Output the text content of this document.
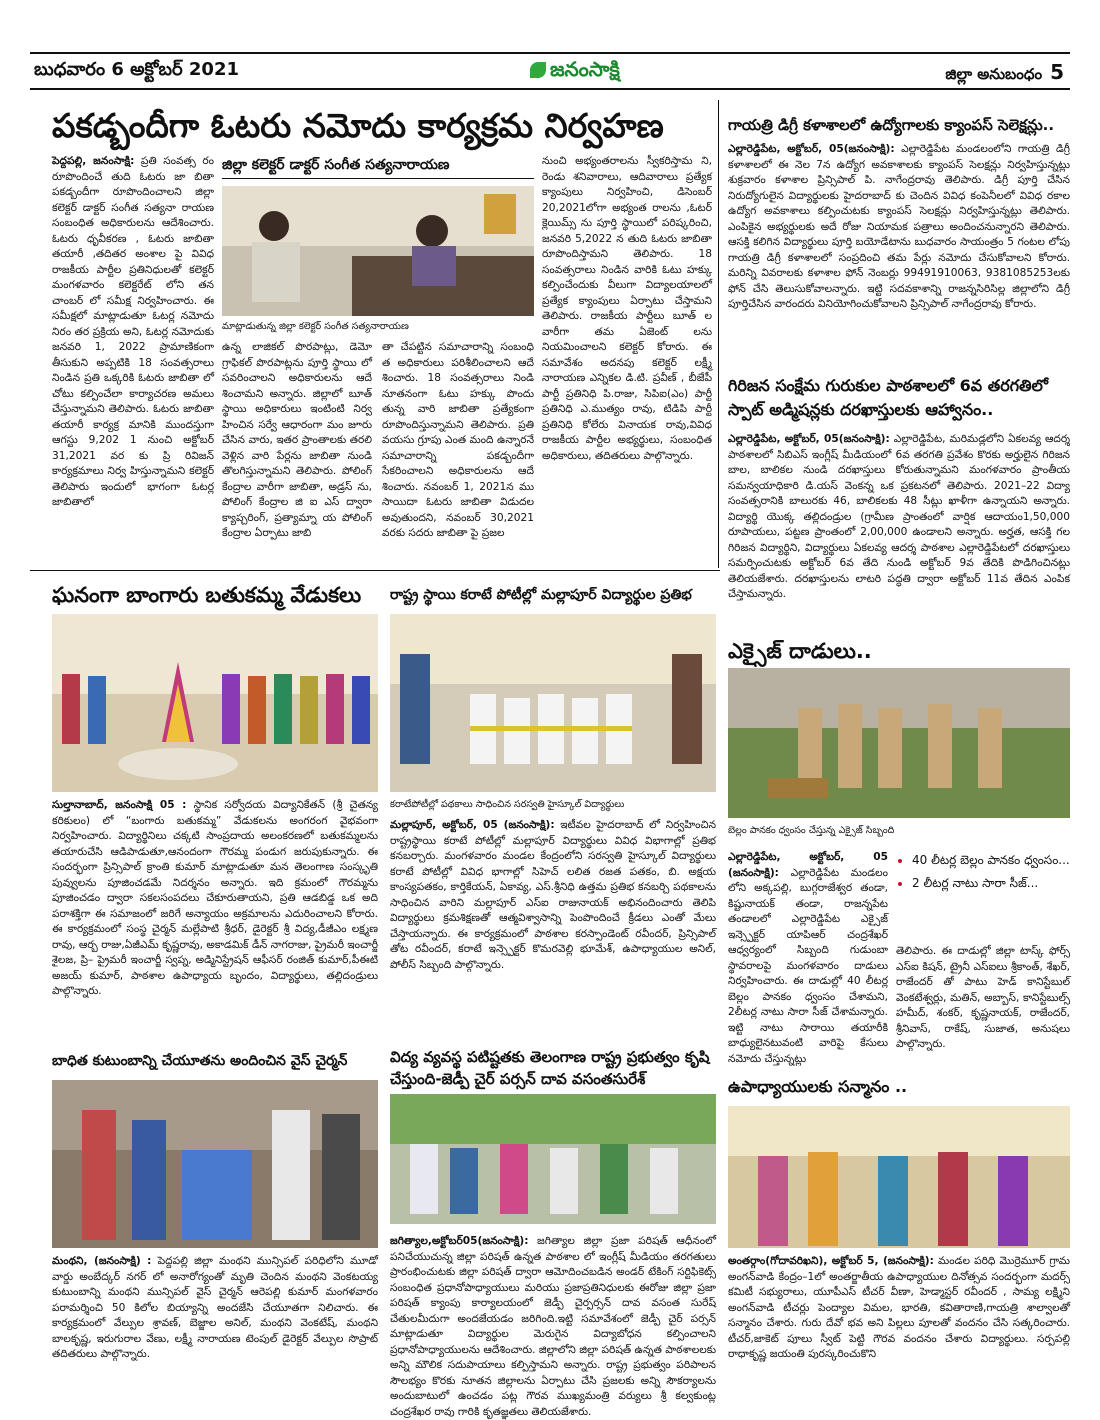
బుధవారం 6 అక్టోబర్ 2021	జనంసాక్షి	జిల్లా అనుబంధం 5
పకడ్బందీగా ఓటరు నమోదు కార్యక్రమ నిర్వహణ
పెద్దపల్లి, జనంసాక్షి: ప్రతి సంవత్స రం రూపొందించే తుది ఓటరు జా బితా పకడ్బందీగా రూపొందించాలని జిల్లా కలెక్టర్ డాక్టర్ సంగీత సత్యనా రాయణ సంబంధిత అధికారులను ఆదేశించారు. ఓటరు ధృవీకరణ , ఓటరు జాబితా తయారీ ,తదితర అంశాల పై వివిధ రాజకీయ పార్టీల ప్రతినిధులతో కలెక్టర్ మంగళవారం కలెక్టరేట్ లోని తన చాంబర్ లో సమీక్ష నిర్వహించారు. ఈ సమీక్షలో మాట్లాడుతూ ఓటర్ల నమోదు నిరం తర ప్రక్రియ అని, ఓటర్ల నమోదుకు జనవరి 1, 2022 ప్రామాణికంగా తీసుకుని అప్పటికి 18 సంవత్సరాలు నిండిన ప్రతి ఒక్కరికి ఓటరు జాబితా లో చోటు కల్పించేలా కార్యాచరణ అమలు చేస్తున్నామని తెలిపారు. ఓటరు జాబితా తయారీ కార్యక్ర మానికి ముందస్తుగా ఆగస్టు 9,202 1 నుంచి అక్టోబర్ 31,2021 వర కు ప్రి రివిజన్ కార్యక్రమాలు నిర్వ హిస్తున్నామని కలెక్టర్ తెలిపారు ఇందులో భాగంగా ఓటర్ల జాబితాలో
జిల్లా కలెక్టర్ డాక్టర్ సంగీత సత్యనారాయణ
మాట్లాడుతున్న జిల్లా కలెక్టర్ సంగీత సత్యనారాయణ
ఉన్న లాజికల్ పొరపాట్లు, డెమో గ్రాఫికల్ పొరపాట్లను పూర్తి స్థాయి లో సవరించాలని అధికారులను ఆదే శించామని అన్నారు. జిల్లాలో బూత్ స్థాయి అధికారులు ఇంటింటి నిర్వ హించిన సర్వే ఆధారంగా మం జూరు చేసిన వారు, ఇతర ప్రాంతాలకు తరలి వెళ్లిన వారి పేర్లను జాబితా నుండి తొలగిస్తున్నామని తెలిపారు. పోలింగ్ కేంద్రాల వారీగా జాబితా, అడ్రస్ ను, పోలింగ్ కేంద్రాల జి ఐ ఎస్ ద్వారా క్యాప్చరింగ్, ప్రత్యామ్నా య పోలింగ్ కేంద్రాల ఏర్పాటు జాబి
తా చేపట్టిన సమాచారాన్ని సంబంధి త అధికారులు పరిశీలించాలని ఆదే శించారు. 18 సంవత్సరాలు నిండి నూతనంగా ఓటు హక్కు పొందు తున్న వారి జాబితా ప్రత్యేకంగా రూపొందిస్తున్నామని తెలిపారు. ప్రతి వయసు గ్రూపు ఎంత మంది ఉన్నారనే సమాచారాన్ని పకడ్బందీగా సేకరించాలని అధికారులను ఆదే శించారు. నవంబర్ 1, 2021న ము సాయిదా ఓటరు జాబితా విడుదల అవుతుందని, నవంబర్ 30,2021 వరకు సదరు జాబితా పై ప్రజల
నుంచి అభ్యంతరాలను స్వీకరిస్తామ ని, రెండు శనివారాలు, ఆదివారాలు ప్రత్యేక క్యాంపులు నిర్వహించి, డిసెంబర్ 20,2021లోగా అభ్యంత రాలను ,ఓటర్ క్లెయిమ్స్ ను పూర్తి స్థాయిలో పరిష్కరించి, జనవరి 5,2022 న తుది ఓటరు జాబితా రూపొందిస్తామని తెలిపారు. 18 సంవత్సరాలు నిండిన వారికి ఓటు హక్కు కల్పించేందుకు వీలుగా విద్యాలయాలలో ప్రత్యేక క్యాంపులు ఏర్పాటు చేస్తామని తెలిపారు. రాజకీయ పార్టీలు బూత్ ల వారీగా తమ ఏజెంట్ లను నియమించాలని కలెక్టర్ కోరారు. ఈ సమావేశం అదనపు కలెక్టర్ లక్ష్మీ నారాయణ ఎన్నికల డి.టి. ప్రవీణ్ , బీజేపీ పార్టీ ప్రతినిధి పి.రాజు, సిపిఐ(ఎం) పార్టీ ప్రతినిధి ఎ.ముత్యం రావు, టిడిపి పార్టీ ప్రతినిధి కోలేరు వినాయక రావు,వివిధ రాజకీయ పార్టీల అభ్యర్థులు, సంబంధిత అధికారులు, తదితరులు పాల్గొన్నారు.
గాయత్రి డిగ్రీ కళాశాలలో ఉద్యోగాలకు క్యాంపస్ సెలెక్షన్లు..
ఎల్లారెడ్డిపేట, అక్టోబర్, 05(జనంసాక్షి): ఎల్లారెడ్డిపేట మండలంలోని గాయత్రి డిగ్రీ కళాశాలలో ఈ నెల 7న ఉద్యోగ అవకాశాలకు క్యాంపస్ సెలక్షన్లు నిర్వహిస్తున్నట్లు శుక్రవారం కళాశాల ప్రిన్సిపాల్ పి. నాగేంద్రరావు తెలిపారు. డిగ్రీ పూర్తి చేసిన నిరుద్యోగులైన విద్యార్థులకు హైదరాబాద్ కు చెందిన వివిధ కంపెనీలలో వివిధ రకాల ఉద్యోగ అవకాశాలు కల్పించుటకు క్యాంపస్ సెలక్షన్లు నిర్వహిస్తున్నట్లు తెలిపారు. ఎంపికైన అభ్యర్థులకు అదే రోజు నియామక పత్రాలు అందించనున్నారని తెలిపారు. ఆసక్తి కలిగిన విద్యార్థులు పూర్తి బయోడేటాను బుధవారం సాయంత్రం 5 గంటల లోపు గాయత్రి డిగ్రీ కళాశాలలో సంప్రదించి తమ పేర్లు నమోదు చేసుకోవాలని కోరారు. మరిన్ని వివరాలకు కళాశాల ఫోన్ నెంబర్లు 99491910063, 9381085253లకు ఫోన్ చేసి తెలుసుకోవాలన్నారు. ఇట్టి సదవకాశాన్ని రాజన్నసిరిసిల్ల జిల్లాలోని డిగ్రీ పూర్తిచేసిన వారందరు వినియోగించుకోవాలని ప్రిన్సిపాల్ నాగేంద్రరావు కోరారు.
గిరిజన సంక్షేమ గురుకుల పాఠశాలలో 6వ తరగతిలో స్పాట్ అడ్మిషన్లకు దరఖాస్తులకు ఆహ్వానం..
ఎల్లారెడ్డిపేట, అక్టోబర్, 05(జనంసాక్షి): ఎల్లారెడ్డిపేట, మరిమడ్లలోని ఏకలవ్య ఆదర్శ పాఠశాలలో సిబిఎస్ ఇంగ్లీష్ మీడియంలో 6వ తరగతి ప్రవేశం కొరకు అర్హులైన గిరిజన బాల, బాలికల నుండి దరఖాస్తులు కోరుతున్నామని మంగళవారం ప్రాంతీయ సమన్వయాధికారి డి.యస్ వెంకన్న ఒక ప్రకటనలో తెలిపారు. 2021–22 విద్యా సంవత్సరానికి బాలురకు 46, బాలికలకు 48 సీట్లు ఖాళీగా ఉన్నాయని అన్నారు. విద్యార్థి యొక్క తల్లిదండ్రుల (గ్రామీణ ప్రాంతంలో వార్షిక ఆదాయం1,50,000 రూపాయలు, పట్టణ ప్రాంతంలో 2,00,000 ఉండాలని అన్నారు. అర్హత, ఆసక్తి గల గిరిజన విద్యార్థిని, విద్యార్థులు ఏకలవ్య ఆదర్శ పాఠశాల ఎల్లారెడ్డిపేటలో దరఖాస్తులు సమర్పించుటకు అక్టోబర్ 6వ తేది నుండి అక్టోబర్ 9వ తేదికి పొడిగించినట్లు తెలియజేశారు. దరఖాస్తులను లాటరి పద్ధతి ద్వారా అక్టోబర్ 11వ తేదిన ఎంపిక చేస్తామన్నారు.
ఘనంగా బాంగారు బతుకమ్మ వేడుకలు
సుల్తానాబాద్, జనంసాక్షి 05 : స్థానిక సర్వోదయ విద్యానికేతన్ (శ్రీ చైతన్య కరికులం) లో “బంగారు బతుకమ్మ” వేడుకలను అంగరంగ వైభవంగా నిర్వహించారు. విద్యార్థినిలు చక్కటి సాంప్రదాయ అలంకరణలో బతుకమ్మలను తయారుచేసి ఆడిపాడుతూ,ఆనందంగా గౌరమ్మ పండుగ జరుపుకున్నారు. ఈ సందర్భంగా ప్రిన్సిపాల్ క్రాంతి కుమార్ మాట్లాడుతూ మన తెలంగాణ సంస్కృతి పువ్వులను పూజించడమే నిదర్శనం అన్నారు. ఇది క్రమంలో గౌరమ్మను పూజించడం ద్వారా సకలసంపదలు చేకూరుతాయని, ప్రతి ఆడబిడ్డ ఒక అది పరాశక్తిగా ఈ సమాజంలో జరిగే అన్యాయం అక్రమాలను ఎదురించాలని కోరారు. ఈ కార్యక్రమంలో సంస్థ చైర్మన్ మల్లేపాటి శ్రీధర్, డైరెక్టర్ శ్రీ విద్య,డీజీఎం లక్ష్మణ రావు, ఆర్బ రాజు,ఏజీఎమ్ కృష్ణరావు, అకాడమిక్ డీన్ నాగరాజు, ప్రైమరీ ఇంచార్జీ శైలజ, ప్రి– ప్రైమరీ ఇంచార్జీ స్వప్న, అడ్మినిస్ట్రేషన్ ఆఫీసర్ రంజిత్ కుమార్,పీఈటి అజయ్ కుమార్, పాఠశాల ఉపాధ్యాయ బృందం, విద్యార్థులు, తల్లిదండ్రులు పాల్గొన్నారు.
రాష్ట్ర స్థాయి కరాటే పోటీల్లో మల్లాపూర్ విద్యార్థుల ప్రతిభ
కరాటేపోటీల్లో పథకాలు సాధించిన సరస్వతి హైస్కూల్ విద్యార్థులు
మల్లాపూర్, అక్టోబర్, 05 (జనంసాక్షి): ఇటీవల హైదరాబాద్ లో నిర్వహించిన రాష్ట్రస్థాయి కరాటే పోటీల్లో మల్లాపూర్ విద్యార్థులు వివిధ విభాగాల్లో ప్రతిభ కనబర్చారు. మంగళవారం మండల కేంద్రంలోని సరస్వతి హైస్కూల్ విద్యార్థులు కరాటే పోటీల్లో వివిధ భాగాల్లో సిహెచ్ లలిత రజత పతకం, బి. అక్షయ కాంస్యపతకం, కార్తికేయన్, ఏకావ్య, ఎస్.శ్రీనిధి ఉత్తమ ప్రతిభ కనబర్చి పథకాలను సాధించిన వారిని మల్లాపూర్ ఎస్ఐ రాజునాయక్ అభినందించారు తెలిపి విద్యార్థులు క్రమశిక్షణతో ఆత్మవిశ్వాసాన్ని పెంపొందించే క్రీడలు ఎంతో మేలు చేస్తాయన్నారు. ఈ కార్యక్రమంలో పాఠశాల కరస్పాండెంట్ రవీందర్, ప్రిన్సిపాల్ తోట రవీందర్, కరాటే ఇన్స్పెక్టర్ కొమరవెల్లి భూమేశ్, ఉపాధ్యాయుల అనిల్, పోలీస్ సిబ్బంది పాల్గొన్నారు.
ఎక్సైజ్ దాడులు..
బెల్లం పానకం ధ్వంసం చేస్తున్న ఎక్సైజ్ సిబ్బంది
ఎల్లారెడ్డిపేట, అక్టోబర్, 05 (జనంసాక్షి): ఎల్లారెడ్డిపేట మండలం లోని అక్కపల్లి, బుగ్గరాజేశ్వర తండా, కిష్టునాయక్ తండా, రాజన్నపేట తండాలలో ఎల్లారెడ్డిపేట ఎక్సైజ్ ఇన్స్పెక్టర్ యాపిఆర్ చంద్రశేఖర్ ఆధ్వర్యంలో సిబ్బంది గుడుంబా స్థావరాలపై మంగళవారం దాడులు నిర్వహించారు. ఈ దాడుల్లో 40 లీటర్ల బెల్లం పానకం ధ్వంసం చేశామని, 2లీటర్ల నాటు సారా సీజ్ చేశామన్నారు. ఇట్టి నాటు సారాయి తయారీకి బాధ్యులైనటువంటి వారిపై కేసులు నమోదు చేస్తున్నట్లు
• 40 లీటర్ల బెల్లం పానకం ధ్వంసం...
• 2 లీటర్ల నాటు సారా సీజ్...
తెలిపారు. ఈ దాడుల్లో జిల్లా టాస్క్ ఫోర్స్ ఎస్ఐ కిషన్, ట్రైనీ ఎస్ఐలు శ్రీకాంత్, శేఖర్, రాజేందర్ తో పాటు హెడ్ కానిస్టేబుల్ వెంకటేశ్వర్లు, మతిన్, అబ్బాస్, కానిస్టేబుల్స్ హమీద్, శంకర్, కృష్ణనాయక్, రాజేందర్, శ్రీనివాస్, రాకేష్, సుజాత, అనుషలు పాల్గొన్నారు.
బాధిత కుటుంబాన్ని చేయూతను అందించిన వైస్ చైర్మన్
మంథని, (జనంసాక్షి) : పెద్దపల్లి జిల్లా మంథని మున్సిపల్ పరిధిలోని మూడో వార్డు అంబేద్కర్ నగర్ లో అనారోగ్యంతో మృతి చెందిన మంథని వెంకటయ్య కుటుంబాన్ని మంథని మున్సిపల్ వైస్ చైర్మన్ ఆరెపల్లి కుమార్ మంగళవారం పరామర్శించి 50 కిలోల బియ్యాన్ని అందజేసి చేయూతగా నిలిచారు. ఈ కార్యక్రమంలో వేల్పుల శ్రావణ్, బెజ్జాల అనిల్, మంథని వెంకటేష్, మంథని బాలకృష్ణ, ఇరుగురాల వేణు, లక్ష్మీ నారాయణ టెంపుల్ డైరెక్టర్ వేల్పుల సొప్రాట్ తదితరులు పాల్గొన్నారు.
విద్య వ్యవస్థ పటిష్టతకు తెలంగాణ రాష్ట్ర ప్రభుత్వం కృషి చేస్తుంది-జెడ్పీ చైర్ పర్సన్ దావ వసంతసురేశ్
జగిత్యాల,అక్టోబర్05(జనంసాక్షి): జగిత్యాల జిల్లా ప్రజా పరిషత్ ఆధీనంలో పనిచేయుచున్న జిల్లా పరిషత్ ఉన్నత పాఠశాల లో ఇంగ్లీష్ మీడియం తరగతులు ప్రారంభించుటకు జిల్లా పరిషత్ ద్వారా ఆమోదించబడిన అండర్ టేకింగ్ సర్టిఫికెట్స్ సంబంధిత ప్రధానోపాధ్యాయులు మరియు ప్రజాప్రతినిధులకు ఈరోజు జిల్లా ప్రజా పరిషత్ క్యాంపు కార్యాలయంలో జెడ్పీ చైర్పర్సన్ దావ వసంత సురేష్ చేతులమీదుగా అందజేయడం జరిగింది.ఇట్టి సమావేశంలో జెడ్పీ చైర్ పర్సన్ మాట్లాడుతూ విద్యార్థుల మెరుగైన విద్యాబోధన కల్పించాలని ప్రధానోపాధ్యాయులను ఆదేశించారు. జిల్లాలోని జిల్లా పరిషత్ ఉన్నత పాఠశాలలకు అన్ని మౌలిక సదుపాయాలు కల్పిస్తామని అన్నారు. రాష్ట్ర ప్రభుత్వం పరిపాలన సౌలభ్యం కొరకు నూతన జిల్లాలను ఏర్పాటు చేసి ప్రజలకు అన్ని సౌకర్యాలను అందుబాటులో ఉంచడం పట్ల గౌరవ ముఖ్యమంత్రి వర్యులు శ్రీ కల్వకుంట్ల చంద్రశేఖర రావు గారికి కృతజ్ఞతలు తెలియజేశారు.
ఉపాధ్యాయులకు సన్మానం ..
అంతర్గాం(గోదావరిఖని), అక్టోబర్ 5, (జనంసాక్షి): మండల పరిధి మొర్రెమూర్ గ్రామ అంగన్‌వాడి కేంద్రం–1లో అంతర్జాతీయ ఉపాధ్యాయుల దినోత్సవ సందర్భంగా మదర్స్ కమిటీ సభ్యురాలు, యూపీఎస్ టీచర్ వీణా, హెడ్మాస్టర్ రవీందర్ , సామ్య లక్ష్మిని అంగన్‌వాడి టీచర్లు పెంద్యాల విమల, భారతి, కవితారాణి,గాయత్రి శాల్వాలతో సన్మానం చేశారు. గురు దేవో భవ అని పిల్లలు పూలతో వందనం చేసి సత్కరించారు. టీచర్,జాకెట్ పూలు స్వీట్ పెట్టి గౌరవ వందనం చేశారు విద్యార్థులు. సర్పపల్లి రాధాకృష్ణ జయంతి పురస్కరించుకొని
